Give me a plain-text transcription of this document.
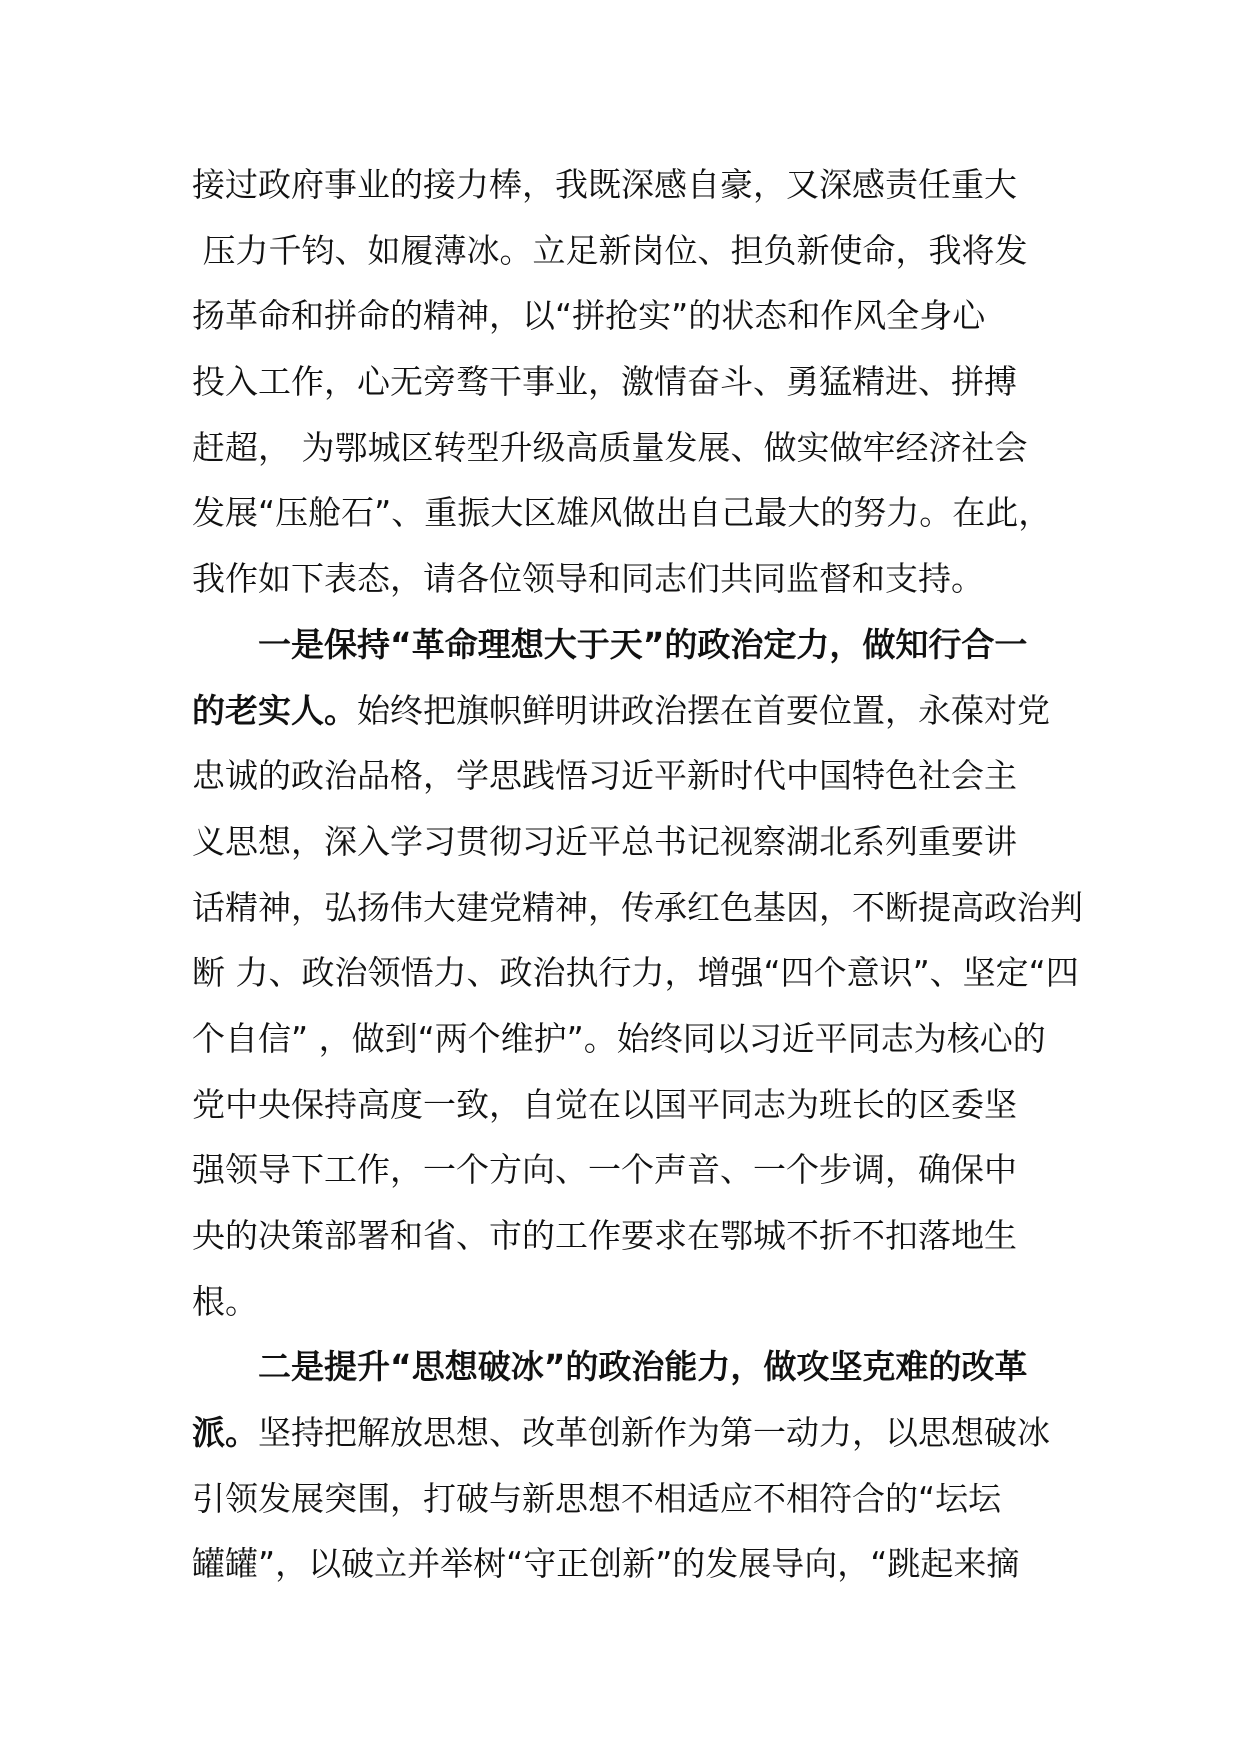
接过政府事业的接力棒，我既深感自豪，又深感责任重大
压力千钧、如履薄冰。立足新岗位、担负新使命，我将发
扬革命和拼命的精神，以“拼抢实”的状态和作风全身心
投入工作，心无旁骛干事业，激情奋斗、勇猛精进、拼搏
赶超， 为鄂城区转型升级高质量发展、做实做牢经济社会
发展“压舱石”、重振大区雄风做出自己最大的努力。在此，
我作如下表态，请各位领导和同志们共同监督和支持。
一是保持“革命理想大于天”的政治定力，做知行合一
的老实人。始终把旗帜鲜明讲政治摆在首要位置，永葆对党
忠诚的政治品格，学思践悟习近平新时代中国特色社会主
义思想，深入学习贯彻习近平总书记视察湖北系列重要讲
话精神，弘扬伟大建党精神，传承红色基因，不断提高政治判
断 力、政治领悟力、政治执行力，增强“四个意识”、坚定“四
个自信” ，做到“两个维护”。始终同以习近平同志为核心的
党中央保持高度一致，自觉在以国平同志为班长的区委坚
强领导下工作，一个方向、一个声音、一个步调，确保中
央的决策部署和省、市的工作要求在鄂城不折不扣落地生
根。
二是提升“思想破冰”的政治能力，做攻坚克难的改革
派。坚持把解放思想、改革创新作为第一动力，以思想破冰
引领发展突围，打破与新思想不相适应不相符合的“坛坛
罐罐”，以破立并举树“守正创新”的发展导向，“跳起来摘
